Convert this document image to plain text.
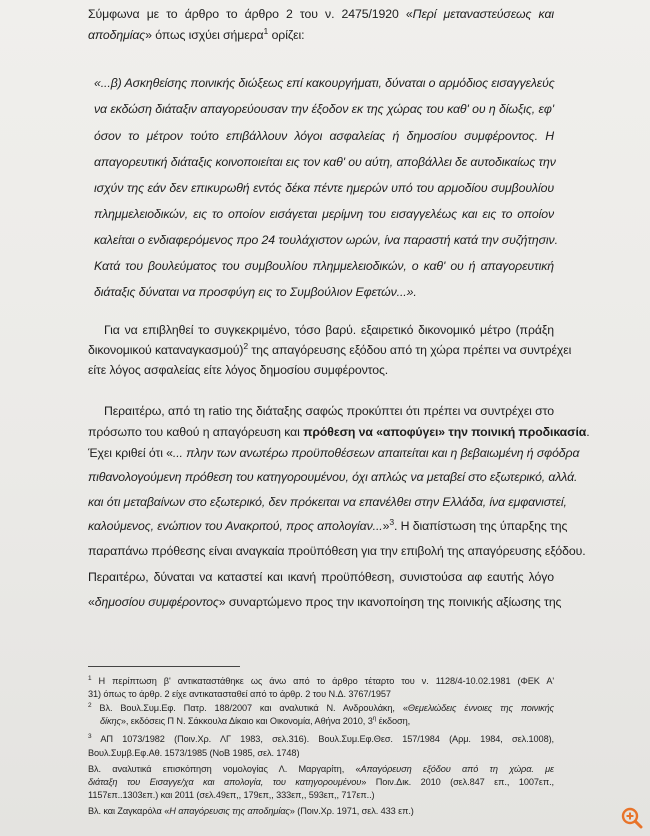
Σύμφωνα με το άρθρο το άρθρο 2 του ν. 2475/1920 «Περί μεταναστεύσεως και
αποδημίας» όπως ισχύει σήμερα$^1$ ορίζει:
«...β) Ασκηθείσης ποινικής διώξεως επί κακουργήματι, δύναται ο αρμόδιος εισαγγελεύς
να εκδώση διάταξιν απαγορεύουσαν την έξοδον εκ της χώρας του καθ' ου η δίωξις, εφ'
όσον το μέτρον τούτο επιβάλλουν λόγοι ασφαλείας ή δημοσίου συμφέροντος. Η
απαγορευτική διάταξις κοινοποιείται εις τον καθ' ου αύτη, αποβάλλει δε αυτοδικαίως την
ισχύν της εάν δεν επικυρωθή εντός δέκα πέντε ημερών υπό του αρμοδίου συμβουλίου
πλημμελειοδικών, εις το οποίον εισάγεται μερίμνη του εισαγγελέως και εις το οποίον
καλείται ο ενδιαφερόμενος προ 24 τουλάχιστον ωρών, ίνα παραστή κατά την συζήτησιν.
Κατά του βουλεύματος του συμβουλίου πλημμελειοδικών, ο καθ' ου ή απαγορευτική
διάταξις δύναται να προσφύγη εις το Συμβούλιον Εφετών...».
Για να επιβληθεί το συγκεκριμένο, τόσο βαρύ. εξαιρετικό δικονομικό μέτρο (πράξη
δικονομικού καταναγκασμού)$^2$ της απαγόρευσης εξόδου από τη χώρα πρέπει να συντρέχει
είτε λόγος ασφαλείας είτε λόγος δημοσίου συμφέροντος.
Περαιτέρω, από τη ratio της διάταξης σαφώς προκύπτει ότι πρέπει να συντρέχει στο
πρόσωπο του καθού η απαγόρευση και πρόθεση να «αποφύγει» την ποινική προδικασία.
Έχει κριθεί ότι «... πλην των ανωτέρω προϋποθέσεων απαιτείται και η βεβαιωμένη ή σφόδρα
πιθανολογούμενη πρόθεση του κατηγορουμένου, όχι απλώς να μεταβεί στο εξωτερικό, αλλά.
και ότι μεταβαίνων στο εξωτερικό, δεν πρόκειται να επανέλθει στην Ελλάδα, ίνα εμφανιστεί,
καλούμενος, ενώπιον του Ανακριτού, προς απολογίαν...»$^3$. Η διαπίστωση της ύπαρξης της
παραπάνω πρόθεσης είναι αναγκαία προϋπόθεση για την επιβολή της απαγόρευσης εξόδου.
Περαιτέρω, δύναται να καταστεί και ικανή προϋπόθεση, συνιστούσα αφ εαυτής λόγο
«δημοσίου συμφέροντος» συναρτώμενο προς την ικανοποίηση της ποινικής αξίωσης της
$^1$ Η περίπτωση β' αντικαταστάθηκε ως άνω από το άρθρο τέταρτο του ν. 1128/4-10.02.1981 (ΦΕΚ Α'
31) όπως το άρθρ. 2 είχε αντικατασταθεί από το άρθρ. 2 του Ν.Δ. 3767/1957
$^2$ Βλ. Βουλ.Συμ.Εφ. Πατρ. 188/2007 και αναλυτικά Ν. Ανδρουλάκη, «Θεμελιώδεις έννοιες της ποινικής
δίκης», εκδόσεις Π Ν. Σάκκουλα Δίκαιο και Οικονομία, Αθήνα 2010, $3^\eta$ έκδοση,
$^3$ ΑΠ 1073/1982 (Ποιν.Χρ. ΛΓ 1983, σελ.316). Βουλ.Συμ.Εφ.Θεσ. 157/1984 (Αρμ. 1984, σελ.1008),
Βουλ.Συμβ.Εφ.Αθ. 1573/1985 (ΝοΒ 1985, σελ. 1748)
Βλ. αναλυτικά επισκόπηση νομολογίας Λ. Μαργαρίτη, «Απαγόρευση εξόδου από τη χώρα. με
διάταξη του Εισαγγε/χα και απολογία, του κατηγορουμένου» Ποιν.Δικ. 2010 (σελ.847 επ., 1007επ.,
1157επ..1303επ.) και 2011 (σελ.49επ,, 179επ,, 333επ,, 593επ,, 717επ..)
Βλ. και Ζαγκαρόλα «Η απαγόρευσις της αποδημίας» (Ποιν.Χρ. 1971, σελ. 433 επ.)
